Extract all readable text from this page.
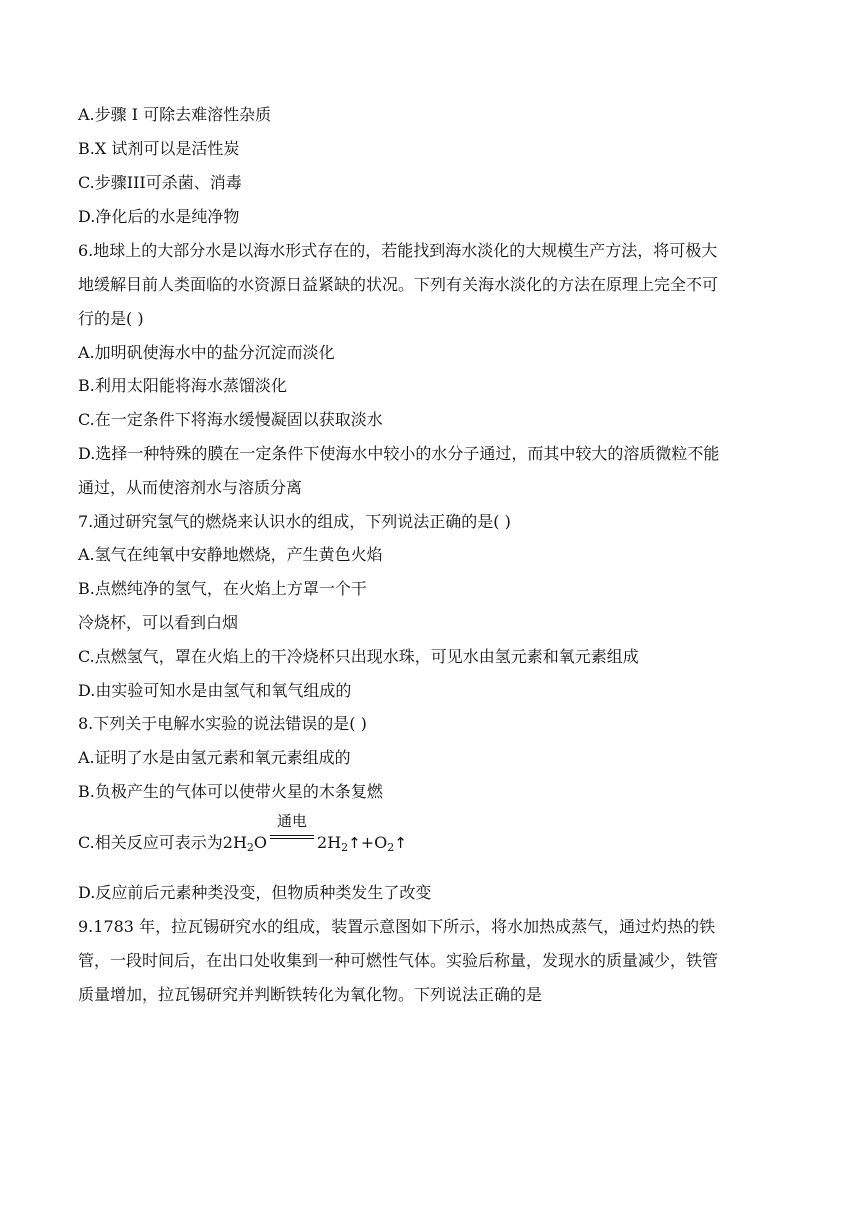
A.步骤 I 可除去难溶性杂质
B.X 试剂可以是活性炭
C.步骤III可杀菌、消毒
D.净化后的水是纯净物
6.地球上的大部分水是以海水形式存在的，若能找到海水淡化的大规模生产方法，将可极大
地缓解目前人类面临的水资源日益紧缺的状况。下列有关海水淡化的方法在原理上完全不可
行的是( )
A.加明矾使海水中的盐分沉淀而淡化
B.利用太阳能将海水蒸馏淡化
C.在一定条件下将海水缓慢凝固以获取淡水
D.选择一种特殊的膜在一定条件下使海水中较小的水分子通过，而其中较大的溶质微粒不能
通过，从而使溶剂水与溶质分离
7.通过研究氢气的燃烧来认识水的组成，下列说法正确的是( )
A.氢气在纯氧中安静地燃烧，产生黄色火焰
B.点燃纯净的氢气，在火焰上方罩一个干
冷烧杯，可以看到白烟
C.点燃氢气，罩在火焰上的干冷烧杯只出现水珠，可见水由氢元素和氧元素组成
D.由实验可知水是由氢气和氧气组成的
8.下列关于电解水实验的说法错误的是( )
A.证明了水是由氢元素和氧元素组成的
B.负极产生的气体可以使带火星的木条复燃
C.相关反应可表示为$2H_2O$
通电
$2H_2↑+O_2↑$
D.反应前后元素种类没变，但物质种类发生了改变
9.1783 年，拉瓦锡研究水的组成，装置示意图如下所示，将水加热成蒸气，通过灼热的铁
管，一段时间后，在出口处收集到一种可燃性气体。实验后称量，发现水的质量减少，铁管
质量增加，拉瓦锡研究并判断铁转化为氧化物。下列说法正确的是
